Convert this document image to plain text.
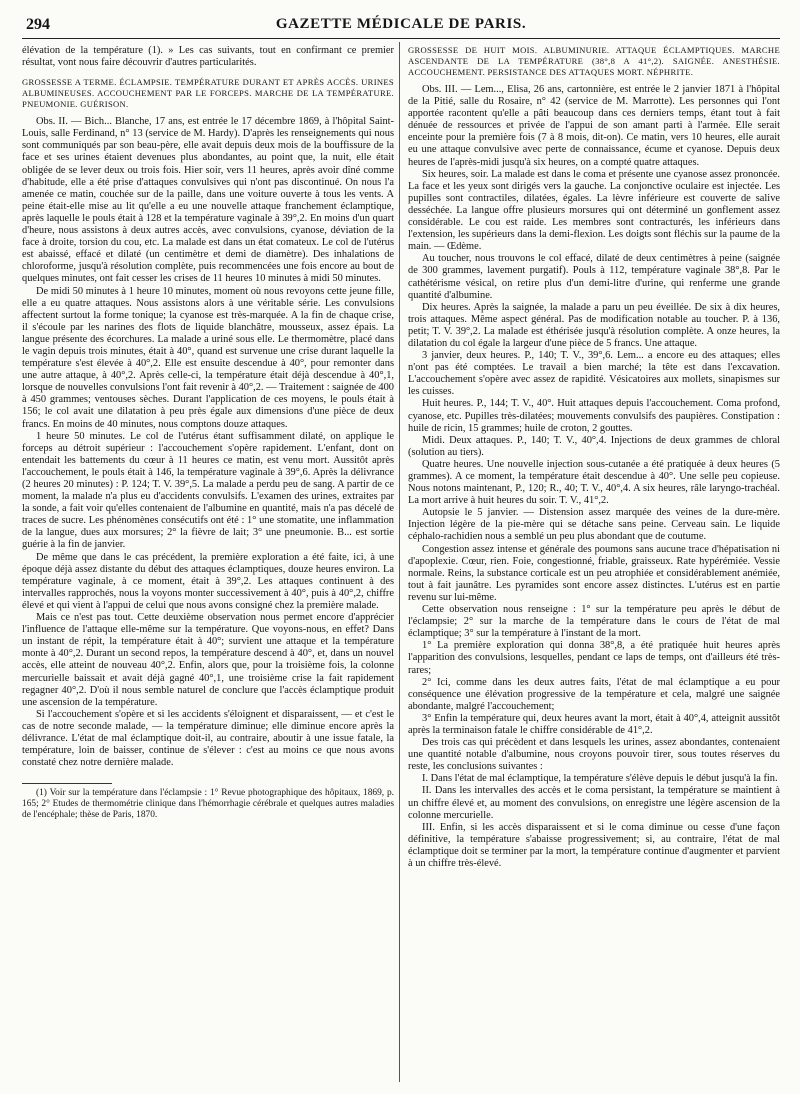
294	GAZETTE MÉDICALE DE PARIS.

élévation de la température (1). » Les cas suivants, tout en confirmant ce premier résultat, vont nous faire découvrir d'autres particularités.

GROSSESSE A TERME. ÉCLAMPSIE. TEMPÉRATURE DURANT ET APRÈS ACCÈS. URINES ALBUMINEUSES. ACCOUCHEMENT PAR LE FORCEPS. MARCHE DE LA TEMPÉRATURE. PNEUMONIE. GUÉRISON.

Obs. II. — Bich... Blanche, 17 ans, est entrée le 17 décembre 1869, à l'hôpital Saint-Louis, salle Ferdinand, n° 13 (service de M. Hardy). D'après les renseignements qui nous sont communiqués par son beau-père, elle avait depuis deux mois de la bouffissure de la face et ses urines étaient devenues plus abondantes, au point que, la nuit, elle était obligée de se lever deux ou trois fois. Hier soir, vers 11 heures, après avoir dîné comme d'habitude, elle a été prise d'attaques convulsives qui n'ont pas discontinué. On nous l'a amenée ce matin, couchée sur de la paille, dans une voiture ouverte à tous les vents. A peine était-elle mise au lit qu'elle a eu une nouvelle attaque franchement éclamptique, après laquelle le pouls était à 128 et la température vaginale à 39°,2. En moins d'un quart d'heure, nous assistons à deux autres accès, avec convulsions, cyanose, déviation de la face à droite, torsion du cou, etc. La malade est dans un état comateux. Le col de l'utérus est abaissé, effacé et dilaté (un centimètre et demi de diamètre). Des inhalations de chloroforme, jusqu'à résolution complète, puis recommencées une fois encore au bout de quelques minutes, ont fait cesser les crises de 11 heures 10 minutes à midi 50 minutes.

De midi 50 minutes à 1 heure 10 minutes, moment où nous revoyons cette jeune fille, elle a eu quatre attaques. Nous assistons alors à une véritable série. Les convulsions affectent surtout la forme tonique; la cyanose est très-marquée. A la fin de chaque crise, il s'écoule par les narines des flots de liquide blanchâtre, mousseux, assez épais. La langue présente des écorchures. La malade a uriné sous elle. Le thermomètre, placé dans le vagin depuis trois minutes, était à 40°, quand est survenue une crise durant laquelle la température s'est élevée à 40°,2. Elle est ensuite descendue à 40°, pour remonter dans une autre attaque, à 40°,2. Après celle-ci, la température était déjà descendue à 40°,1, lorsque de nouvelles convulsions l'ont fait revenir à 40°,2. — Traitement : saignée de 400 à 450 grammes; ventouses sèches. Durant l'application de ces moyens, le pouls était à 156; le col avait une dilatation à peu près égale aux dimensions d'une pièce de deux francs. En moins de 40 minutes, nous comptons douze attaques.

1 heure 50 minutes. Le col de l'utérus étant suffisamment dilaté, on applique le forceps au détroit supérieur : l'accouchement s'opère rapidement. L'enfant, dont on entendait les battements du cœur à 11 heures ce matin, est venu mort. Aussitôt après l'accouchement, le pouls était à 146, la température vaginale à 39°,6. Après la délivrance (2 heures 20 minutes) : P. 124; T. V. 39°,5. La malade a perdu peu de sang. A partir de ce moment, la malade n'a plus eu d'accidents convulsifs. L'examen des urines, extraites par la sonde, a fait voir qu'elles contenaient de l'albumine en quantité, mais n'a pas décelé de traces de sucre. Les phénomènes consécutifs ont été : 1° une stomatite, une inflammation de la langue, dues aux morsures; 2° la fièvre de lait; 3° une pneumonie. B... est sortie guérie à la fin de janvier.

De même que dans le cas précédent, la première exploration a été faite, ici, à une époque déjà assez distante du début des attaques éclamptiques, douze heures environ. La température vaginale, à ce moment, était à 39°,2. Les attaques continuent à des intervalles rapprochés, nous la voyons monter successivement à 40°, puis à 40°,2, chiffre élevé et qui vient à l'appui de celui que nous avons consigné chez la première malade.

Mais ce n'est pas tout. Cette deuxième observation nous permet encore d'apprécier l'influence de l'attaque elle-même sur la température. Que voyons-nous, en effet? Dans un instant de répit, la température était à 40°; survient une attaque et la température monte à 40°,2. Durant un second repos, la température descend à 40°, et, dans un nouvel accès, elle atteint de nouveau 40°,2. Enfin, alors que, pour la troisième fois, la colonne mercurielle baissait et avait déjà gagné 40°,1, une troisième crise la fait rapidement regagner 40°,2. D'où il nous semble naturel de conclure que l'accès éclamptique produit une ascension de la température.

Si l'accouchement s'opère et si les accidents s'éloignent et disparaissent, — et c'est le cas de notre seconde malade, — la température diminue; elle diminue encore après la délivrance. L'état de mal éclamptique doit-il, au contraire, aboutir à une issue fatale, la température, loin de baisser, continue de s'élever : c'est au moins ce que nous avons constaté chez notre dernière malade.

(1) Voir sur la température dans l'éclampsie : 1° Revue photographique des hôpitaux, 1869, p. 165; 2° Etudes de thermométrie clinique dans l'hémorrhagie cérébrale et quelques autres maladies de l'encéphale; thèse de Paris, 1870.

GROSSESSE DE HUIT MOIS. ALBUMINURIE. ATTAQUE ÉCLAMPTIQUES. MARCHE ASCENDANTE DE LA TEMPÉRATURE (38°,8 A 41°,2). SAIGNÉE. ANESTHÉSIE. ACCOUCHEMENT. PERSISTANCE DES ATTAQUES MORT. NÉPHRITE.

Obs. III. — Lem..., Elisa, 26 ans, cartonnière, est entrée le 2 janvier 1871 à l'hôpital de la Pitié, salle du Rosaire, n° 42 (service de M. Marrotte). Les personnes qui l'ont apportée racontent qu'elle a pâti beaucoup dans ces derniers temps, étant tout à fait dénuée de ressources et privée de l'appui de son amant parti à l'armée. Elle serait enceinte pour la première fois (7 à 8 mois, dit-on). Ce matin, vers 10 heures, elle aurait eu une attaque convulsive avec perte de connaissance, écume et cyanose. Depuis deux heures de l'après-midi jusqu'à six heures, on a compté quatre attaques.

Six heures, soir. La malade est dans le coma et présente une cyanose assez prononcée. La face et les yeux sont dirigés vers la gauche. La conjonctive oculaire est injectée. Les pupilles sont contractiles, dilatées, égales. La lèvre inférieure est couverte de salive desséchée. La langue offre plusieurs morsures qui ont déterminé un gonflement assez considérable. Le cou est raide. Les membres sont contracturés, les inférieurs dans l'extension, les supérieurs dans la demi-flexion. Les doigts sont fléchis sur la paume de la main. — Œdème.

Au toucher, nous trouvons le col effacé, dilaté de deux centimètres à peine (saignée de 300 grammes, lavement purgatif). Pouls à 112, température vaginale 38°,8. Par le cathétérisme vésical, on retire plus d'un demi-litre d'urine, qui renferme une grande quantité d'albumine.

Dix heures. Après la saignée, la malade a paru un peu éveillée. De six à dix heures, trois attaques. Même aspect général. Pas de modification notable au toucher. P. à 136, petit; T. V. 39°,2. La malade est éthérisée jusqu'à résolution complète. A onze heures, la dilatation du col égale la largeur d'une pièce de 5 francs. Une attaque.

3 janvier, deux heures. P., 140; T. V., 39°,6. Lem... a encore eu des attaques; elles n'ont pas été comptées. Le travail a bien marché; la tête est dans l'excavation. L'accouchement s'opère avec assez de rapidité. Vésicatoires aux mollets, sinapismes sur les cuisses.

Huit heures. P., 144; T. V., 40°. Huit attaques depuis l'accouchement. Coma profond, cyanose, etc. Pupilles très-dilatées; mouvements convulsifs des paupières. Constipation : huile de ricin, 15 grammes; huile de croton, 2 gouttes.

Midi. Deux attaques. P., 140; T. V., 40°,4. Injections de deux grammes de chloral (solution au tiers).

Quatre heures. Une nouvelle injection sous-cutanée a été pratiquée à deux heures (5 grammes). A ce moment, la température était descendue à 40°. Une selle peu copieuse. Nous notons maintenant, P., 120; R., 40; T. V., 40°,4. A six heures, râle laryngo-trachéal. La mort arrive à huit heures du soir. T. V., 41°,2.

Autopsie le 5 janvier. — Distension assez marquée des veines de la dure-mère. Injection légère de la pie-mère qui se détache sans peine. Cerveau sain. Le liquide céphalo-rachidien nous a semblé un peu plus abondant que de coutume.

Congestion assez intense et générale des poumons sans aucune trace d'hépatisation ni d'apoplexie. Cœur, rien. Foie, congestionné, friable, graisseux. Rate hypérémiée. Vessie normale. Reins, la substance corticale est un peu atrophiée et considérablement anémiée, tout à fait jaunâtre. Les pyramides sont encore assez distinctes. L'utérus est en partie revenu sur lui-même.

Cette observation nous renseigne : 1° sur la température peu après le début de l'éclampsie; 2° sur la marche de la température dans le cours de l'état de mal éclamptique; 3° sur la température à l'instant de la mort.

1° La première exploration qui donna 38°,8, a été pratiquée huit heures après l'apparition des convulsions, lesquelles, pendant ce laps de temps, ont d'ailleurs été très-rares;

2° Ici, comme dans les deux autres faits, l'état de mal éclamptique a eu pour conséquence une élévation progressive de la température et cela, malgré une saignée abondante, malgré l'accouchement;

3° Enfin la température qui, deux heures avant la mort, était à 40°,4, atteignit aussitôt après la terminaison fatale le chiffre considérable de 41°,2.

Des trois cas qui précèdent et dans lesquels les urines, assez abondantes, contenaient une quantité notable d'albumine, nous croyons pouvoir tirer, sous toutes réserves du reste, les conclusions suivantes :

I. Dans l'état de mal éclamptique, la température s'élève depuis le début jusqu'à la fin.

II. Dans les intervalles des accès et le coma persistant, la température se maintient à un chiffre élevé et, au moment des convulsions, on enregistre une légère ascension de la colonne mercurielle.

III. Enfin, si les accès disparaissent et si le coma diminue ou cesse d'une façon définitive, la température s'abaisse progressivement; si, au contraire, l'état de mal éclamptique doit se terminer par la mort, la température continue d'augmenter et parvient à un chiffre très-élevé.
